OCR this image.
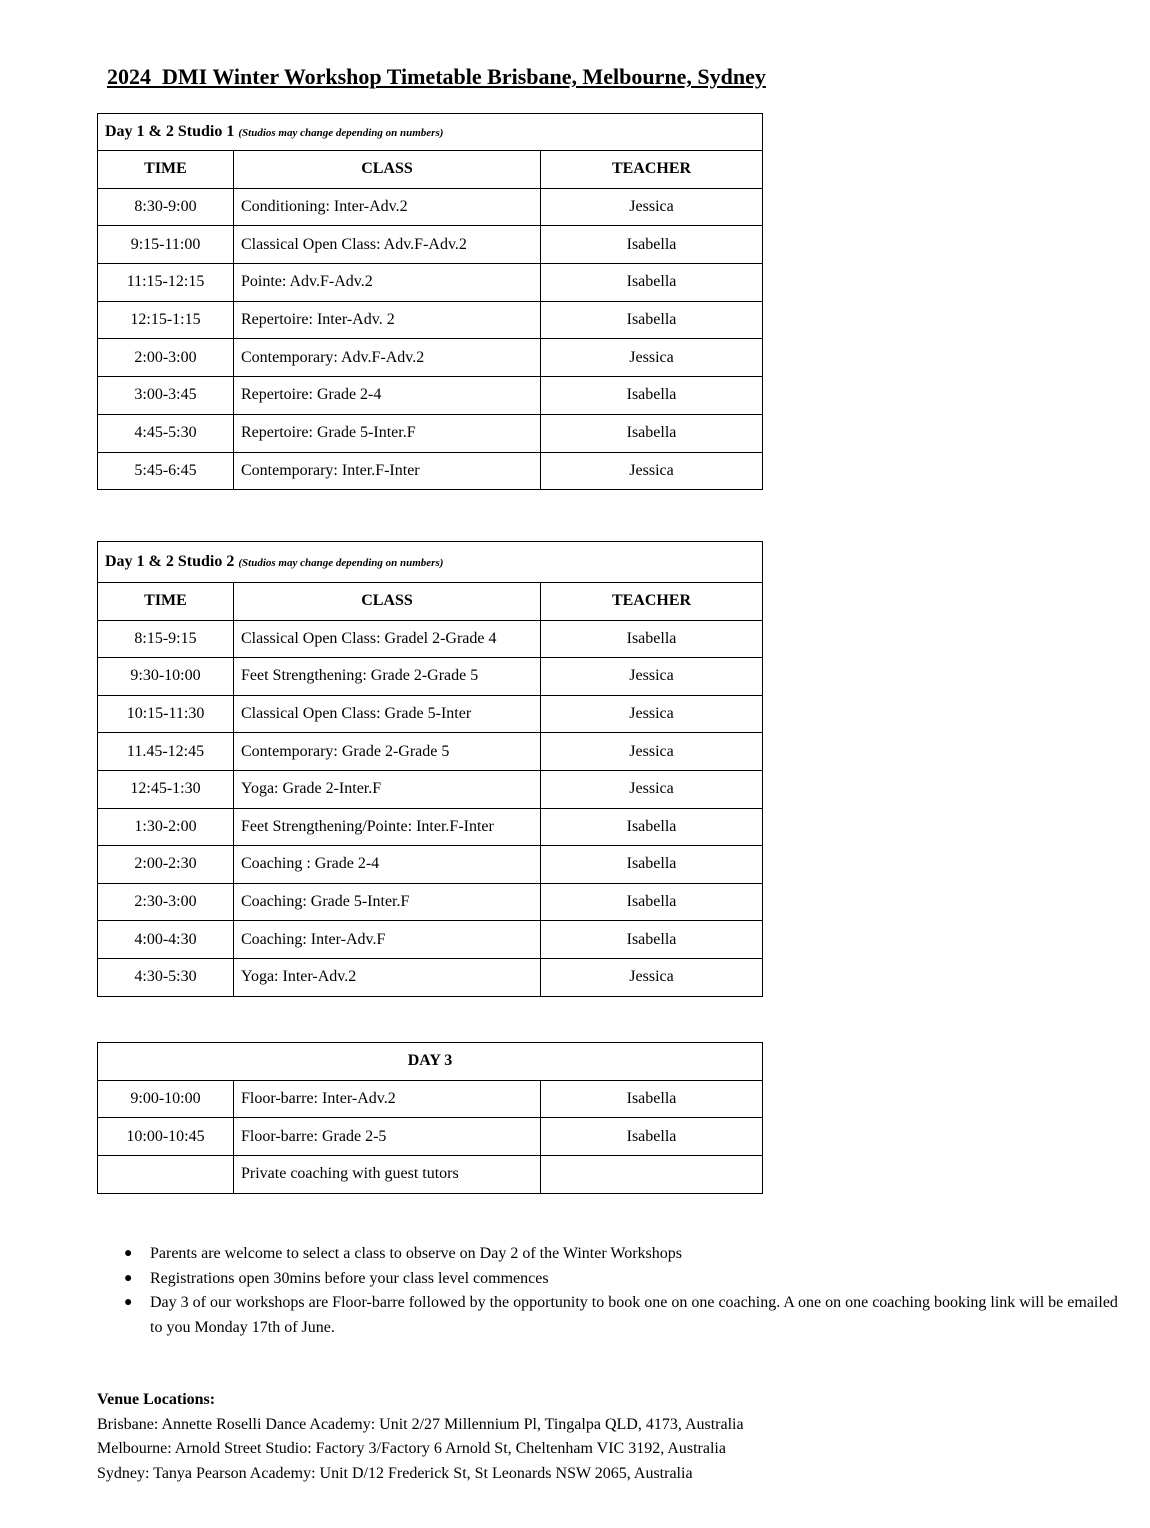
2024  DMI Winter Workshop Timetable Brisbane, Melbourne, Sydney
Day 1 & 2 Studio 1 (Studios may change depending on numbers)		
TIME	CLASS	TEACHER
8:30-9:00	Conditioning: Inter-Adv.2	Jessica
9:15-11:00	Classical Open Class: Adv.F-Adv.2	Isabella
11:15-12:15	Pointe: Adv.F-Adv.2	Isabella
12:15-1:15	Repertoire: Inter-Adv. 2	Isabella
2:00-3:00	Contemporary: Adv.F-Adv.2	Jessica
3:00-3:45	Repertoire: Grade 2-4	Isabella
4:45-5:30	Repertoire: Grade 5-Inter.F	Isabella
5:45-6:45	Contemporary: Inter.F-Inter	Jessica
Day 1 & 2 Studio 2 (Studios may change depending on numbers)		
TIME	CLASS	TEACHER
8:15-9:15	Classical Open Class: Gradel 2-Grade 4	Isabella
9:30-10:00	Feet Strengthening: Grade 2-Grade 5	Jessica
10:15-11:30	Classical Open Class: Grade 5-Inter	Jessica
11.45-12:45	Contemporary: Grade 2-Grade 5	Jessica
12:45-1:30	Yoga: Grade 2-Inter.F	Jessica
1:30-2:00	Feet Strengthening/Pointe: Inter.F-Inter	Isabella
2:00-2:30	Coaching : Grade 2-4	Isabella
2:30-3:00	Coaching: Grade 5-Inter.F	Isabella
4:00-4:30	Coaching: Inter-Adv.F	Isabella
4:30-5:30	Yoga: Inter-Adv.2	Jessica
DAY 3		
9:00-10:00	Floor-barre: Inter-Adv.2	Isabella
10:00-10:45	Floor-barre: Grade 2-5	Isabella
	Private coaching with guest tutors	
● Parents are welcome to select a class to observe on Day 2 of the Winter Workshops
● Registrations open 30mins before your class level commences
● Day 3 of our workshops are Floor-barre followed by the opportunity to book one on one coaching. A one on one coaching booking link will be emailed to you Monday 17th of June.
Venue Locations:
Brisbane: Annette Roselli Dance Academy: Unit 2/27 Millennium Pl, Tingalpa QLD, 4173, Australia
Melbourne: Arnold Street Studio: Factory 3/Factory 6 Arnold St, Cheltenham VIC 3192, Australia
Sydney: Tanya Pearson Academy: Unit D/12 Frederick St, St Leonards NSW 2065, Australia
